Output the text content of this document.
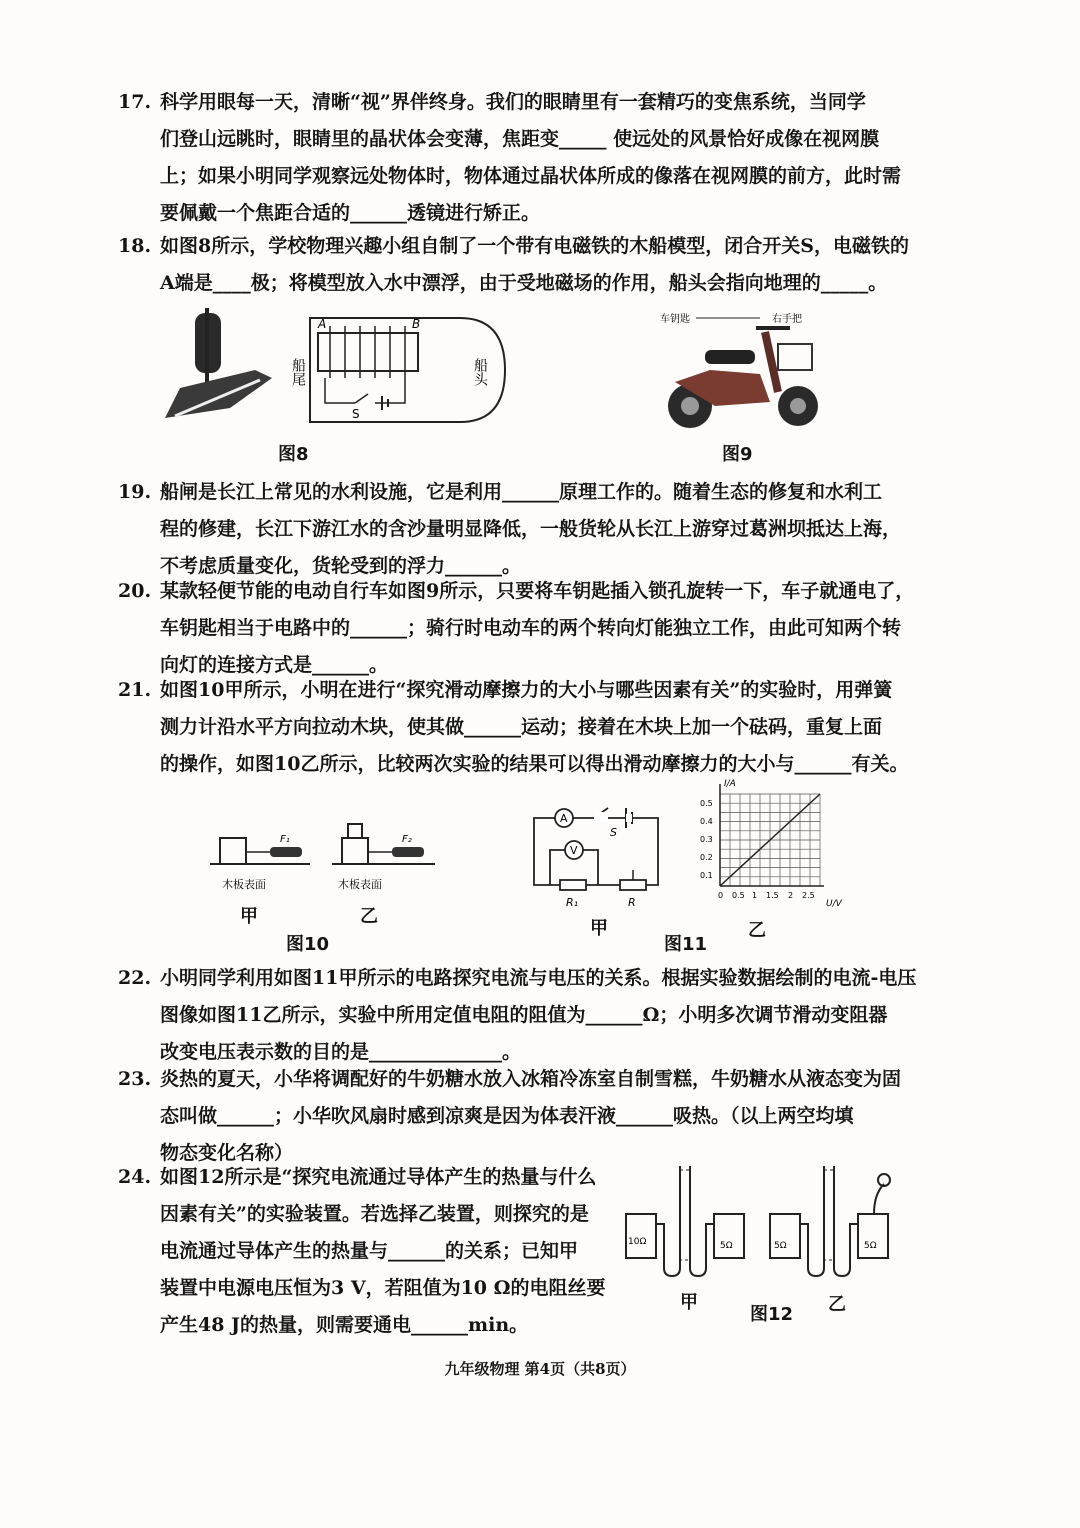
17. 科学用眼每一天，清晰“视”界伴终身。我们的眼睛里有一套精巧的变焦系统，当同学
们登山远眺时，眼睛里的晶状体会变薄，焦距变_____ 使远处的风景恰好成像在视网膜
上；如果小明同学观察远处物体时，物体通过晶状体所成的像落在视网膜的前方，此时需
要佩戴一个焦距合适的______透镜进行矫正。
18. 如图8所示，学校物理兴趣小组自制了一个带有电磁铁的木船模型，闭合开关S，电磁铁的
A端是____极；将模型放入水中漂浮，由于受地磁场的作用，船头会指向地理的_____。
A	B
S
船尾	船头
图8
车钥匙	右手把
图9
19. 船闸是长江上常见的水利设施，它是利用______原理工作的。随着生态的修复和水利工
程的修建，长江下游江水的含沙量明显降低，一般货轮从长江上游穿过葛洲坝抵达上海，
不考虑质量变化，货轮受到的浮力______。
20. 某款轻便节能的电动自行车如图9所示，只要将车钥匙插入锁孔旋转一下，车子就通电了，
车钥匙相当于电路中的______；骑行时电动车的两个转向灯能独立工作，由此可知两个转
向灯的连接方式是______。
21. 如图10甲所示，小明在进行“探究滑动摩擦力的大小与哪些因素有关”的实验时，用弹簧
测力计沿水平方向拉动木块，使其做______运动；接着在木块上加一个砝码，重复上面
的操作，如图10乙所示，比较两次实验的结果可以得出滑动摩擦力的大小与______有关。
F₁
木板表面
F₂
木板表面
甲	乙
图10
A
S
V
R₁	R
甲
图11
I/A
U/V
0.5
0.4
0.3
0.2
0.1
0 0.5 1 1.5 2 2.5
乙
22. 小明同学利用如图11甲所示的电路探究电流与电压的关系。根据实验数据绘制的电流-电压
图像如图11乙所示，实验中所用定值电阻的阻值为______Ω；小明多次调节滑动变阻器
改变电压表示数的目的是______________。
23. 炎热的夏天，小华将调配好的牛奶糖水放入冰箱冷冻室自制雪糕，牛奶糖水从液态变为固
态叫做______；小华吹风扇时感到凉爽是因为体表汗液______吸热。（以上两空均填
物态变化名称）
24. 如图12所示是“探究电流通过导体产生的热量与什么
因素有关”的实验装置。若选择乙装置，则探究的是
电流通过导体产生的热量与______的关系；已知甲
装置中电源电压恒为3 V，若阻值为10 Ω的电阻丝要
产生48 J的热量，则需要通电______min。
10Ω	5Ω	5Ω	5Ω
甲
图12 乙
九年级物理 第4页（共8页）
